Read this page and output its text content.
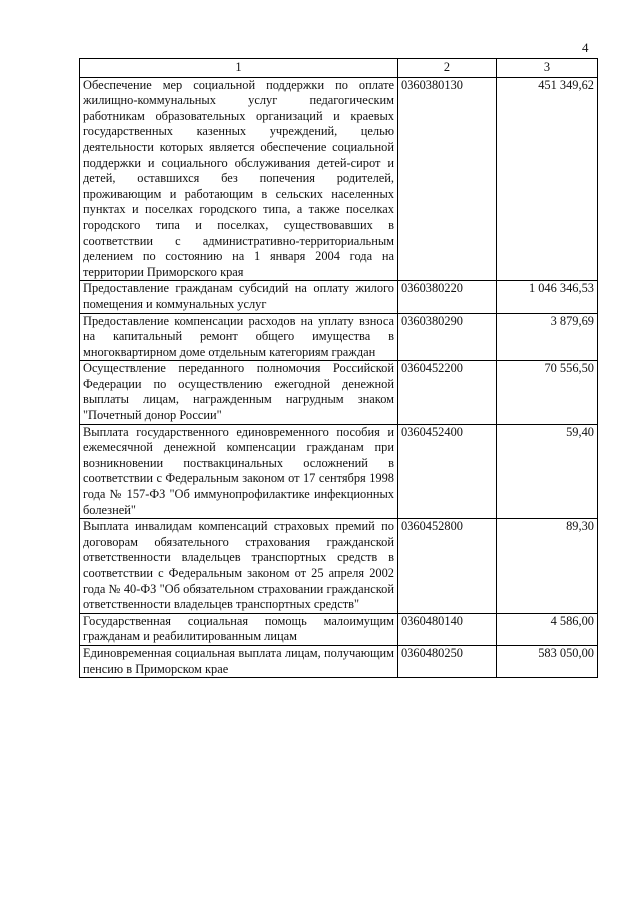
4
1	2	3
Обеспечение мер социальной поддержки по оплате жилищно-коммунальных услуг педагогическим работникам образовательных организаций и краевых государственных казенных учреждений, целью деятельности которых является обеспечение социальной поддержки и социального обслуживания детей-сирот и детей, оставшихся без попечения родителей, проживающим и работающим в сельских населенных пунктах и поселках городского типа, а также поселках городского типа и поселках, существовавших в соответствии с административно-территориальным делением по состоянию на 1 января 2004 года на территории Приморского края	0360380130	451 349,62
Предоставление гражданам субсидий на оплату жилого помещения и коммунальных услуг	0360380220	1 046 346,53
Предоставление компенсации расходов на уплату взноса на капитальный ремонт общего имущества в многоквартирном доме отдельным категориям граждан	0360380290	3 879,69
Осуществление переданного полномочия Российской Федерации по осуществлению ежегодной денежной выплаты лицам, награжденным нагрудным знаком "Почетный донор России"	0360452200	70 556,50
Выплата государственного единовременного пособия и ежемесячной денежной компенсации гражданам при возникновении поствакцинальных осложнений в соответствии с Федеральным законом от 17 сентября 1998 года № 157-ФЗ "Об иммунопрофилактике инфекционных болезней"	0360452400	59,40
Выплата инвалидам компенсаций страховых премий по договорам обязательного страхования гражданской ответственности владельцев транспортных средств в соответствии с Федеральным законом от 25 апреля 2002 года № 40-ФЗ "Об обязательном страховании гражданской ответственности владельцев транспортных средств"	0360452800	89,30
Государственная социальная помощь малоимущим гражданам и реабилитированным лицам	0360480140	4 586,00
Единовременная социальная выплата лицам, получающим пенсию в Приморском крае	0360480250	583 050,00
